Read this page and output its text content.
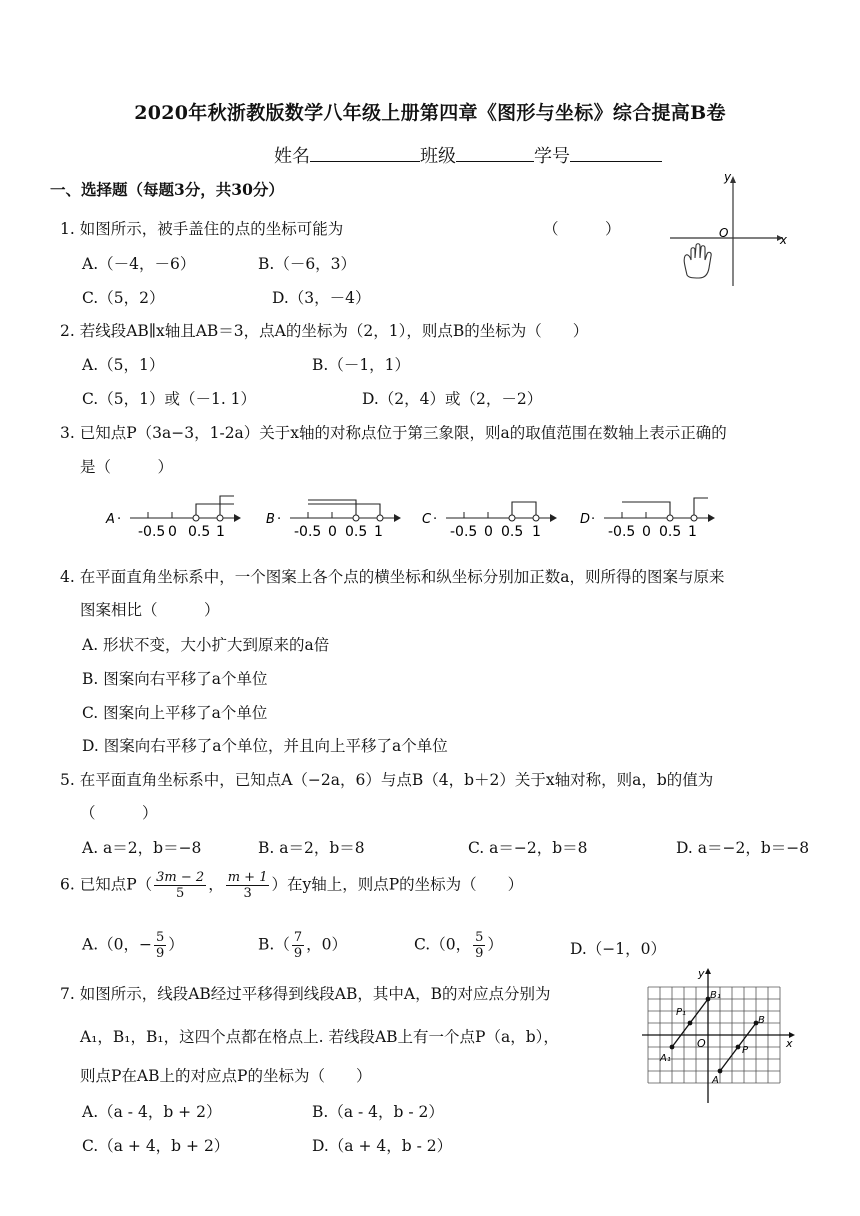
2020年秋浙教版数学八年级上册第四章《图形与坐标》综合提高B卷
姓名	班级	学号
一、选择题（每题3分，共30分）
1. 如图所示，被手盖住的点的坐标可能为	（　　　）
A.（－4，－6）	B.（－6，3）
C.（5，2）	D.（3，－4）
x
y
O
2. 若线段AB∥x轴且AB＝3，点A的坐标为（2，1），则点B的坐标为（　　）
A.（5，1）	B.（－1，1）
C.（5，1）或（－1. 1）	D.（2，4）或（2，－2）
3. 已知点P（3a−3，1-2a）关于x轴的对称点位于第三象限，则a的取值范围在数轴上表示正确的
是（　　　）
A ·
-0.5 0 0.5 1
B ·
-0.5 0 0.5 1
C ·
-0.5 0 0.5 1
D ·
-0.5 0 0.5 1
4. 在平面直角坐标系中，一个图案上各个点的横坐标和纵坐标分别加正数a，则所得的图案与原来
图案相比（　　　）
A. 形状不变，大小扩大到原来的a倍
B. 图案向右平移了a个单位
C. 图案向上平移了a个单位
D. 图案向右平移了a个单位，并且向上平移了a个单位
5. 在平面直角坐标系中，已知点A（−2a，6）与点B（4，b＋2）关于x轴对称，则a，b的值为
（　　　）
A. a＝2，b＝−8	B. a＝2，b＝8	C. a＝−2，b＝8	D. a＝−2，b＝−8
6. 已知点$P( \frac{3m - 2}{5}$ ， $\frac{m + 1}{3}$ ）在y轴上，则点P的坐标为（　　）
A.（0，− $\frac{5}{9}$ ）	$B.( \frac{7}{9}$ ，0）	C.（0， $\frac{5}{9}$ ）	D.（−1，0）
7. 如图所示，线段AB经过平移得到线段AB，其中A，B的对应点分别为
A₁，B₁，B₁，这四个点都在格点上. 若线段AB上有一个点P（a，b），
则点P在AB上的对应点P的坐标为（　　）
A.（a - 4，b + 2）	B.（a - 4，b - 2）
C.（a + 4，b + 2）	D.（a + 4，b - 2）
x
y
O
A₁
B₁
P₁
A
B
P
